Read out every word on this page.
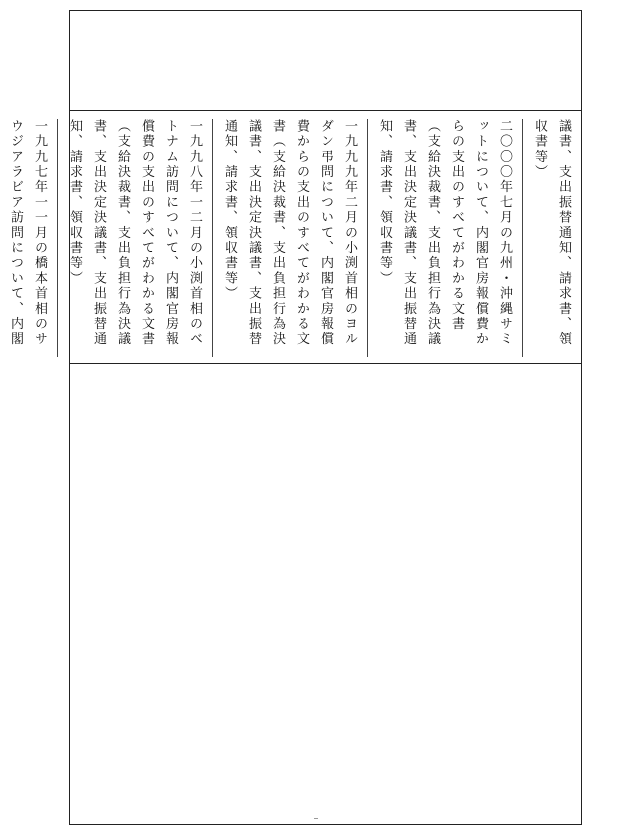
議書、支出振替通知、請求書、領収書等）

二〇〇〇年七月の九州・沖縄サミットについて、内閣官房報償費からの支出のすべてがわかる文書（支給決裁書、支出負担行為決議書、支出決定決議書、支出振替通知、請求書、領収書等）

一九九九年二月の小渕首相のヨルダン弔問について、内閣官房報償費からの支出のすべてがわかる文書（支給決裁書、支出負担行為決議書、支出決定決議書、支出振替通知、請求書、領収書等）

一九九八年一二月の小渕首相のベトナム訪問について、内閣官房報償費の支出のすべてがわかる文書（支給決裁書、支出負担行為決議書、支出決定決議書、支出振替通知、請求書、領収書等）

一九九七年一一月の橋本首相のサウジアラビア訪問について、内閣
